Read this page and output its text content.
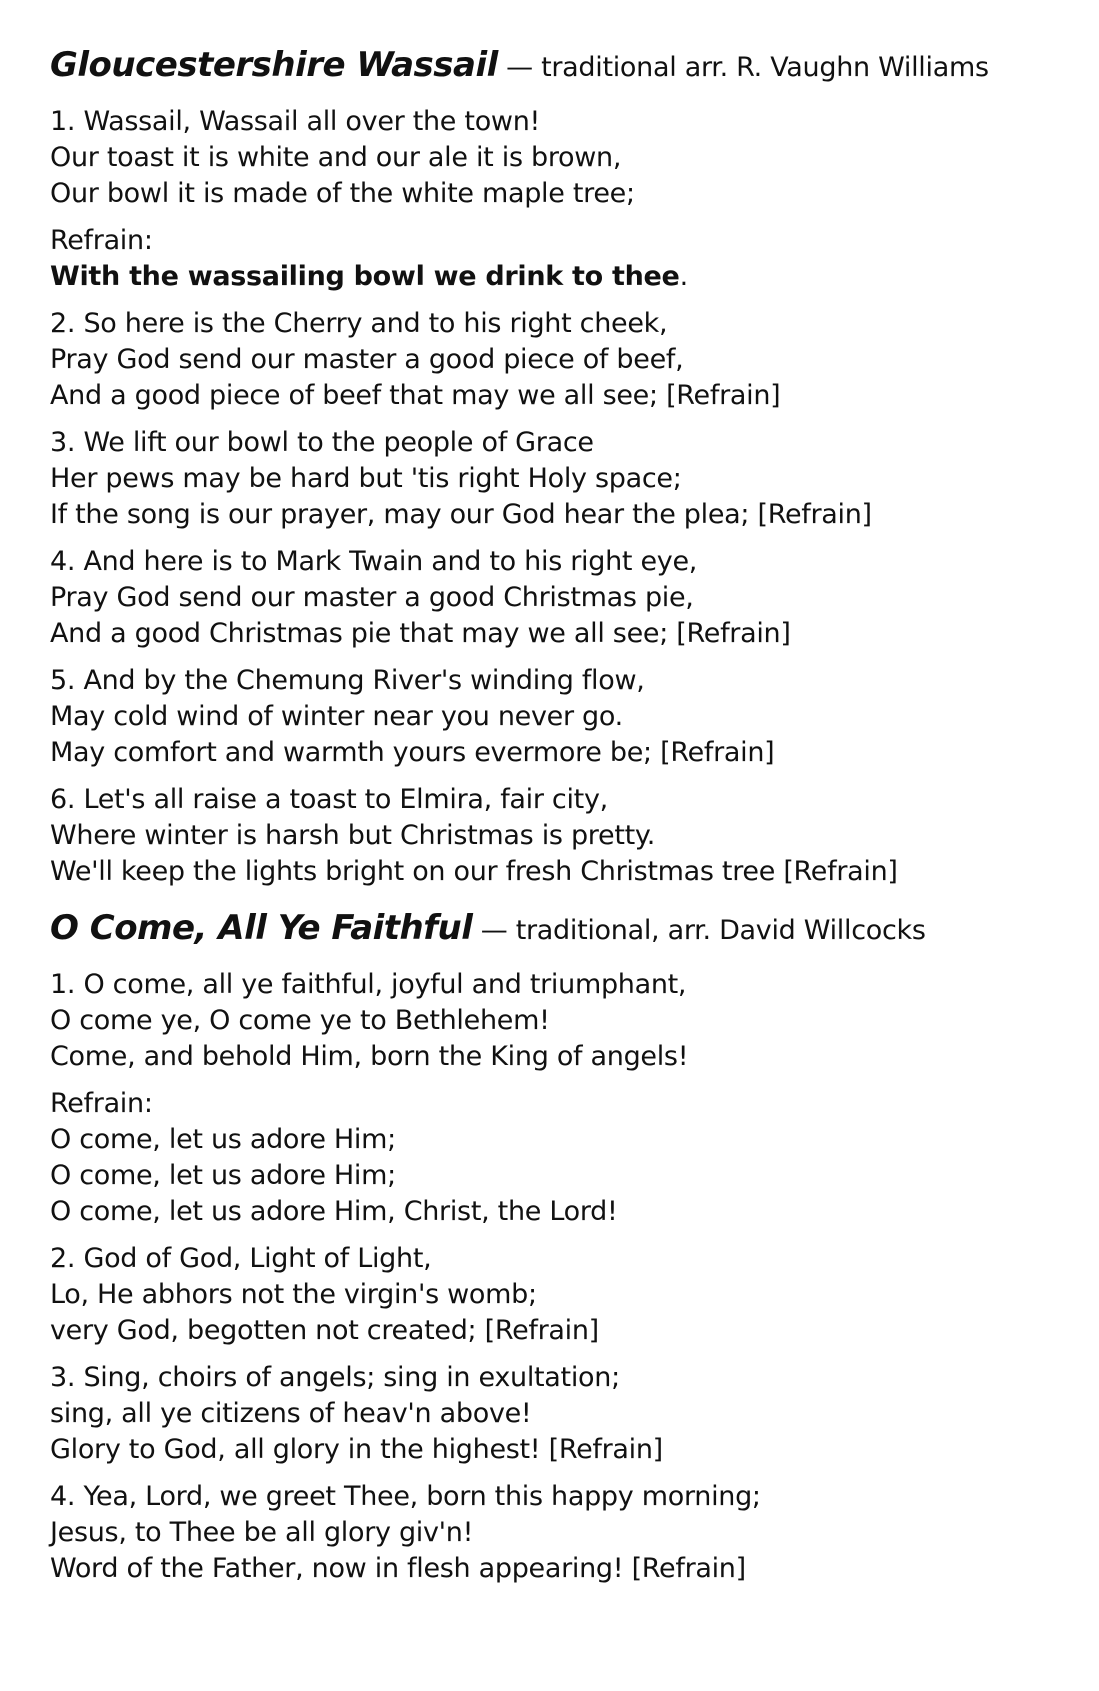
Gloucestershire Wassail — traditional arr. R. Vaughn Williams
1. Wassail, Wassail all over the town!
Our toast it is white and our ale it is brown,
Our bowl it is made of the white maple tree;
Refrain:
With the wassailing bowl we drink to thee.
2. So here is the Cherry and to his right cheek,
Pray God send our master a good piece of beef,
And a good piece of beef that may we all see; [Refrain]
3. We lift our bowl to the people of Grace
Her pews may be hard but 'tis right Holy space;
If the song is our prayer, may our God hear the plea; [Refrain]
4. And here is to Mark Twain and to his right eye,
Pray God send our master a good Christmas pie,
And a good Christmas pie that may we all see; [Refrain]
5. And by the Chemung River's winding flow,
May cold wind of winter near you never go.
May comfort and warmth yours evermore be; [Refrain]
6. Let's all raise a toast to Elmira, fair city,
Where winter is harsh but Christmas is pretty.
We'll keep the lights bright on our fresh Christmas tree [Refrain]
O Come, All Ye Faithful — traditional, arr. David Willcocks
1. O come, all ye faithful, joyful and triumphant,
O come ye, O come ye to Bethlehem!
Come, and behold Him, born the King of angels!
Refrain:
O come, let us adore Him;
O come, let us adore Him;
O come, let us adore Him, Christ, the Lord!
2. God of God, Light of Light,
Lo, He abhors not the virgin's womb;
very God, begotten not created; [Refrain]
3. Sing, choirs of angels; sing in exultation;
sing, all ye citizens of heav'n above!
Glory to God, all glory in the highest! [Refrain]
4. Yea, Lord, we greet Thee, born this happy morning;
Jesus, to Thee be all glory giv'n!
Word of the Father, now in flesh appearing! [Refrain]
